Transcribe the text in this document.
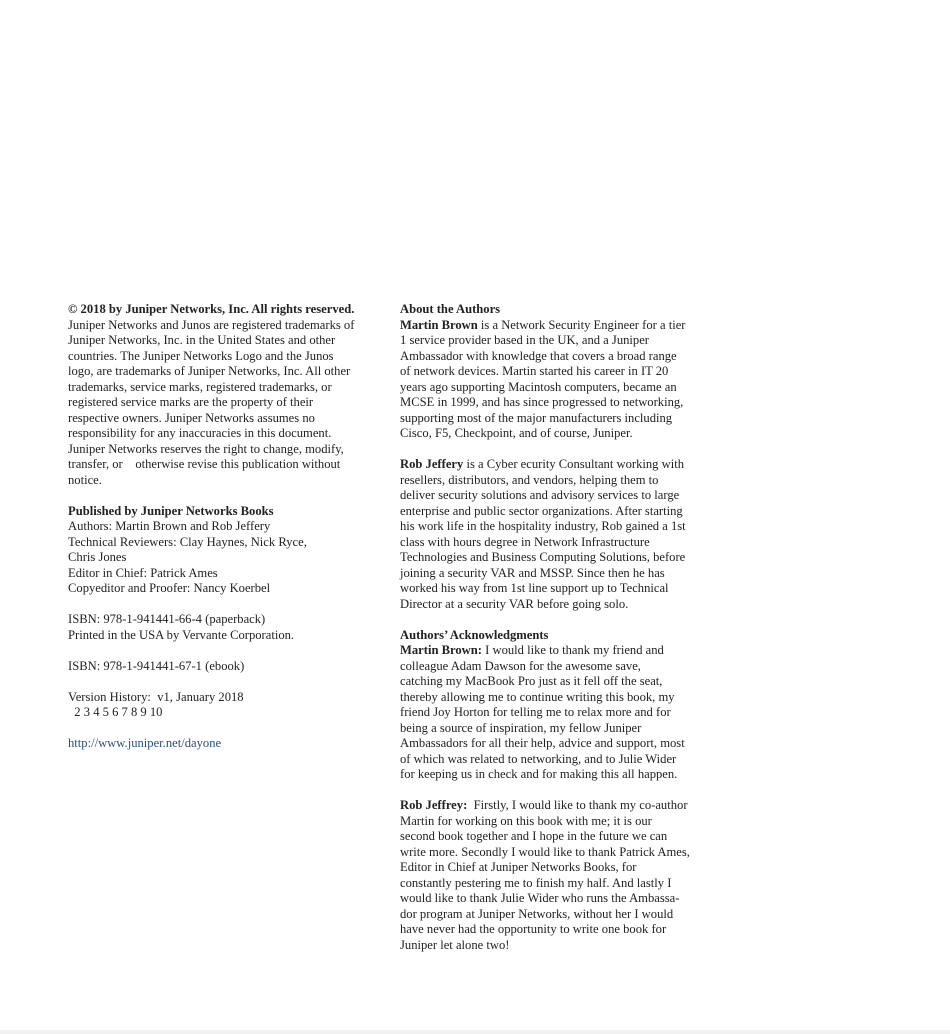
© 2018 by Juniper Networks, Inc. All rights reserved.
Juniper Networks and Junos are registered trademarks of
Juniper Networks, Inc. in the United States and other
countries. The Juniper Networks Logo and the Junos
logo, are trademarks of Juniper Networks, Inc. All other
trademarks, service marks, registered trademarks, or
registered service marks are the property of their
respective owners. Juniper Networks assumes no
responsibility for any inaccuracies in this document.
Juniper Networks reserves the right to change, modify,
transfer, or    otherwise revise this publication without
notice.
Published by Juniper Networks Books
Authors: Martin Brown and Rob Jeffery
Technical Reviewers: Clay Haynes, Nick Ryce,
Chris Jones
Editor in Chief: Patrick Ames
Copyeditor and Proofer: Nancy Koerbel
ISBN: 978-1-941441-66-4 (paperback)
Printed in the USA by Vervante Corporation.
ISBN: 978-1-941441-67-1 (ebook)
Version History:  v1, January 2018
2 3 4 5 6 7 8 9 10
http://www.juniper.net/dayone
About the Authors
Martin Brown is a Network Security Engineer for a tier
1 service provider based in the UK, and a Juniper
Ambassador with knowledge that covers a broad range
of network devices. Martin started his career in IT 20
years ago supporting Macintosh computers, became an
MCSE in 1999, and has since progressed to networking,
supporting most of the major manufacturers including
Cisco, F5, Checkpoint, and of course, Juniper.
Rob Jeffery is a Cyber ecurity Consultant working with
resellers, distributors, and vendors, helping them to
deliver security solutions and advisory services to large
enterprise and public sector organizations. After starting
his work life in the hospitality industry, Rob gained a 1st
class with hours degree in Network Infrastructure
Technologies and Business Computing Solutions, before
joining a security VAR and MSSP. Since then he has
worked his way from 1st line support up to Technical
Director at a security VAR before going solo.
Authors’ Acknowledgments
Martin Brown: I would like to thank my friend and
colleague Adam Dawson for the awesome save,
catching my MacBook Pro just as it fell off the seat,
thereby allowing me to continue writing this book, my
friend Joy Horton for telling me to relax more and for
being a source of inspiration, my fellow Juniper
Ambassadors for all their help, advice and support, most
of which was related to networking, and to Julie Wider
for keeping us in check and for making this all happen.
Rob Jeffrey:  Firstly, I would like to thank my co-author
Martin for working on this book with me; it is our
second book together and I hope in the future we can
write more. Secondly I would like to thank Patrick Ames,
Editor in Chief at Juniper Networks Books, for
constantly pestering me to finish my half. And lastly I
would like to thank Julie Wider who runs the Ambassa-
dor program at Juniper Networks, without her I would
have never had the opportunity to write one book for
Juniper let alone two!
